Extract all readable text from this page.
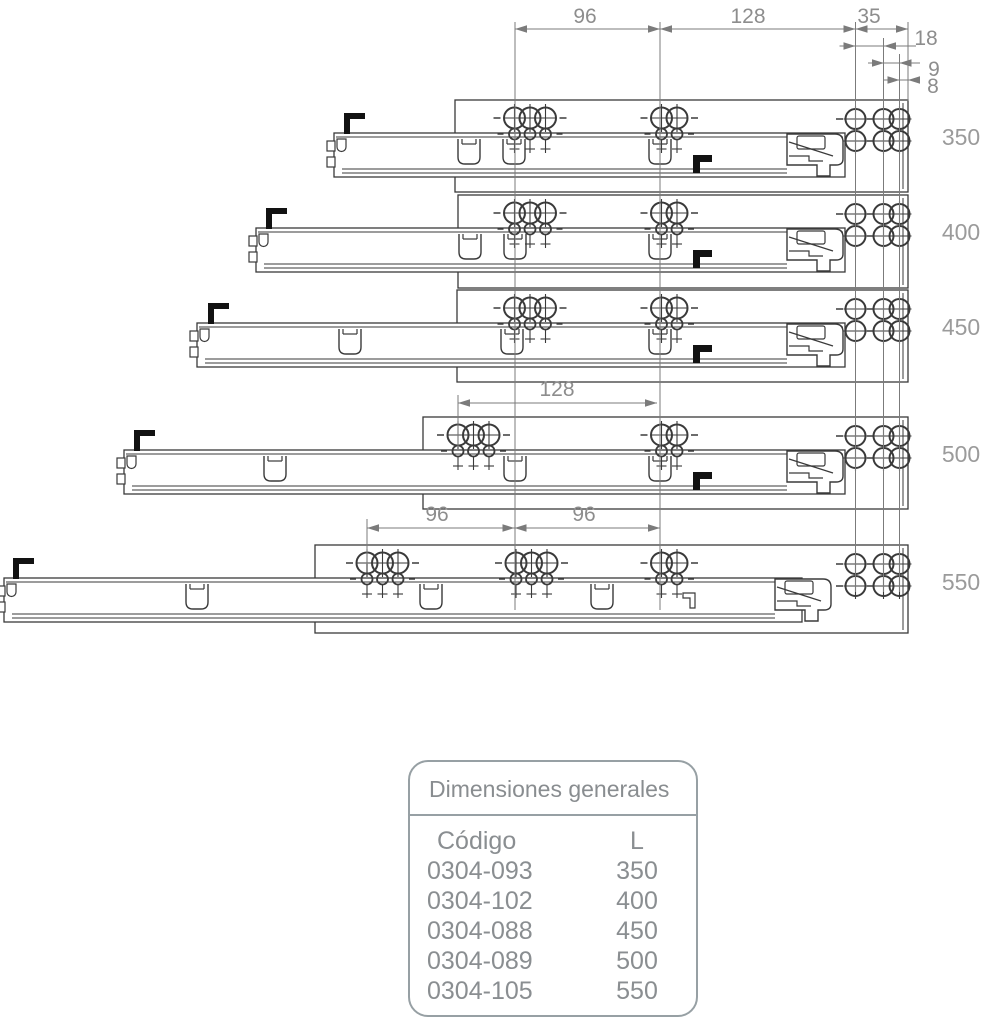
350
400
450
500
550
96	128	35
18
9
8
128
96	96
Dimensiones generales
Código	L
0304-093	350
0304-102	400
0304-088	450
0304-089	500
0304-105	550
